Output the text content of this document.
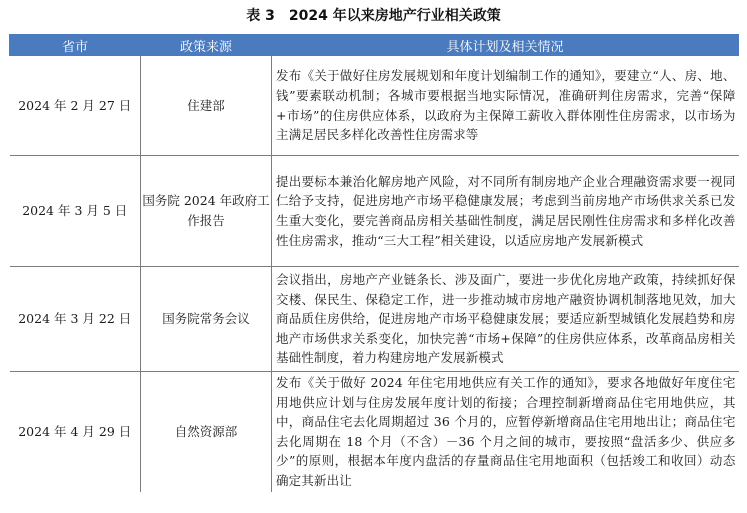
表 3　2024 年以来房地产行业相关政策
省市	政策来源	具体计划及相关情况
2024 年 2 月 27 日	住建部	发布《关于做好住房发展规划和年度计划编制工作的通知》，要建立“人、房、地、钱”要素联动机制；各城市要根据当地实际情况，准确研判住房需求，完善“保障+市场”的住房供应体系，以政府为主保障工薪收入群体刚性住房需求，以市场为主满足居民多样化改善性住房需求等
2024 年 3 月 5 日	国务院 2024 年政府工作报告	提出要标本兼治化解房地产风险，对不同所有制房地产企业合理融资需求要一视同仁给予支持，促进房地产市场平稳健康发展；考虑到当前房地产市场供求关系已发生重大变化，要完善商品房相关基础性制度，满足居民刚性住房需求和多样化改善性住房需求，推动“三大工程”相关建设，以适应房地产发展新模式
2024 年 3 月 22 日	国务院常务会议	会议指出，房地产产业链条长、涉及面广，要进一步优化房地产政策，持续抓好保交楼、保民生、保稳定工作，进一步推动城市房地产融资协调机制落地见效，加大商品质住房供给，促进房地产市场平稳健康发展；要适应新型城镇化发展趋势和房地产市场供求关系变化，加快完善“市场+保障”的住房供应体系，改革商品房相关基础性制度，着力构建房地产发展新模式
2024 年 4 月 29 日	自然资源部	发布《关于做好 2024 年住宅用地供应有关工作的通知》，要求各地做好年度住宅用地供应计划与住房发展年度计划的衔接；合理控制新增商品住宅用地供应，其中，商品住宅去化周期超过 36 个月的，应暂停新增商品住宅用地出让；商品住宅去化周期在 18 个月（不含）－36 个月之间的城市，要按照“盘活多少、供应多少”的原则，根据本年度内盘活的存量商品住宅用地面积（包括竣工和收回）动态确定其新出让
